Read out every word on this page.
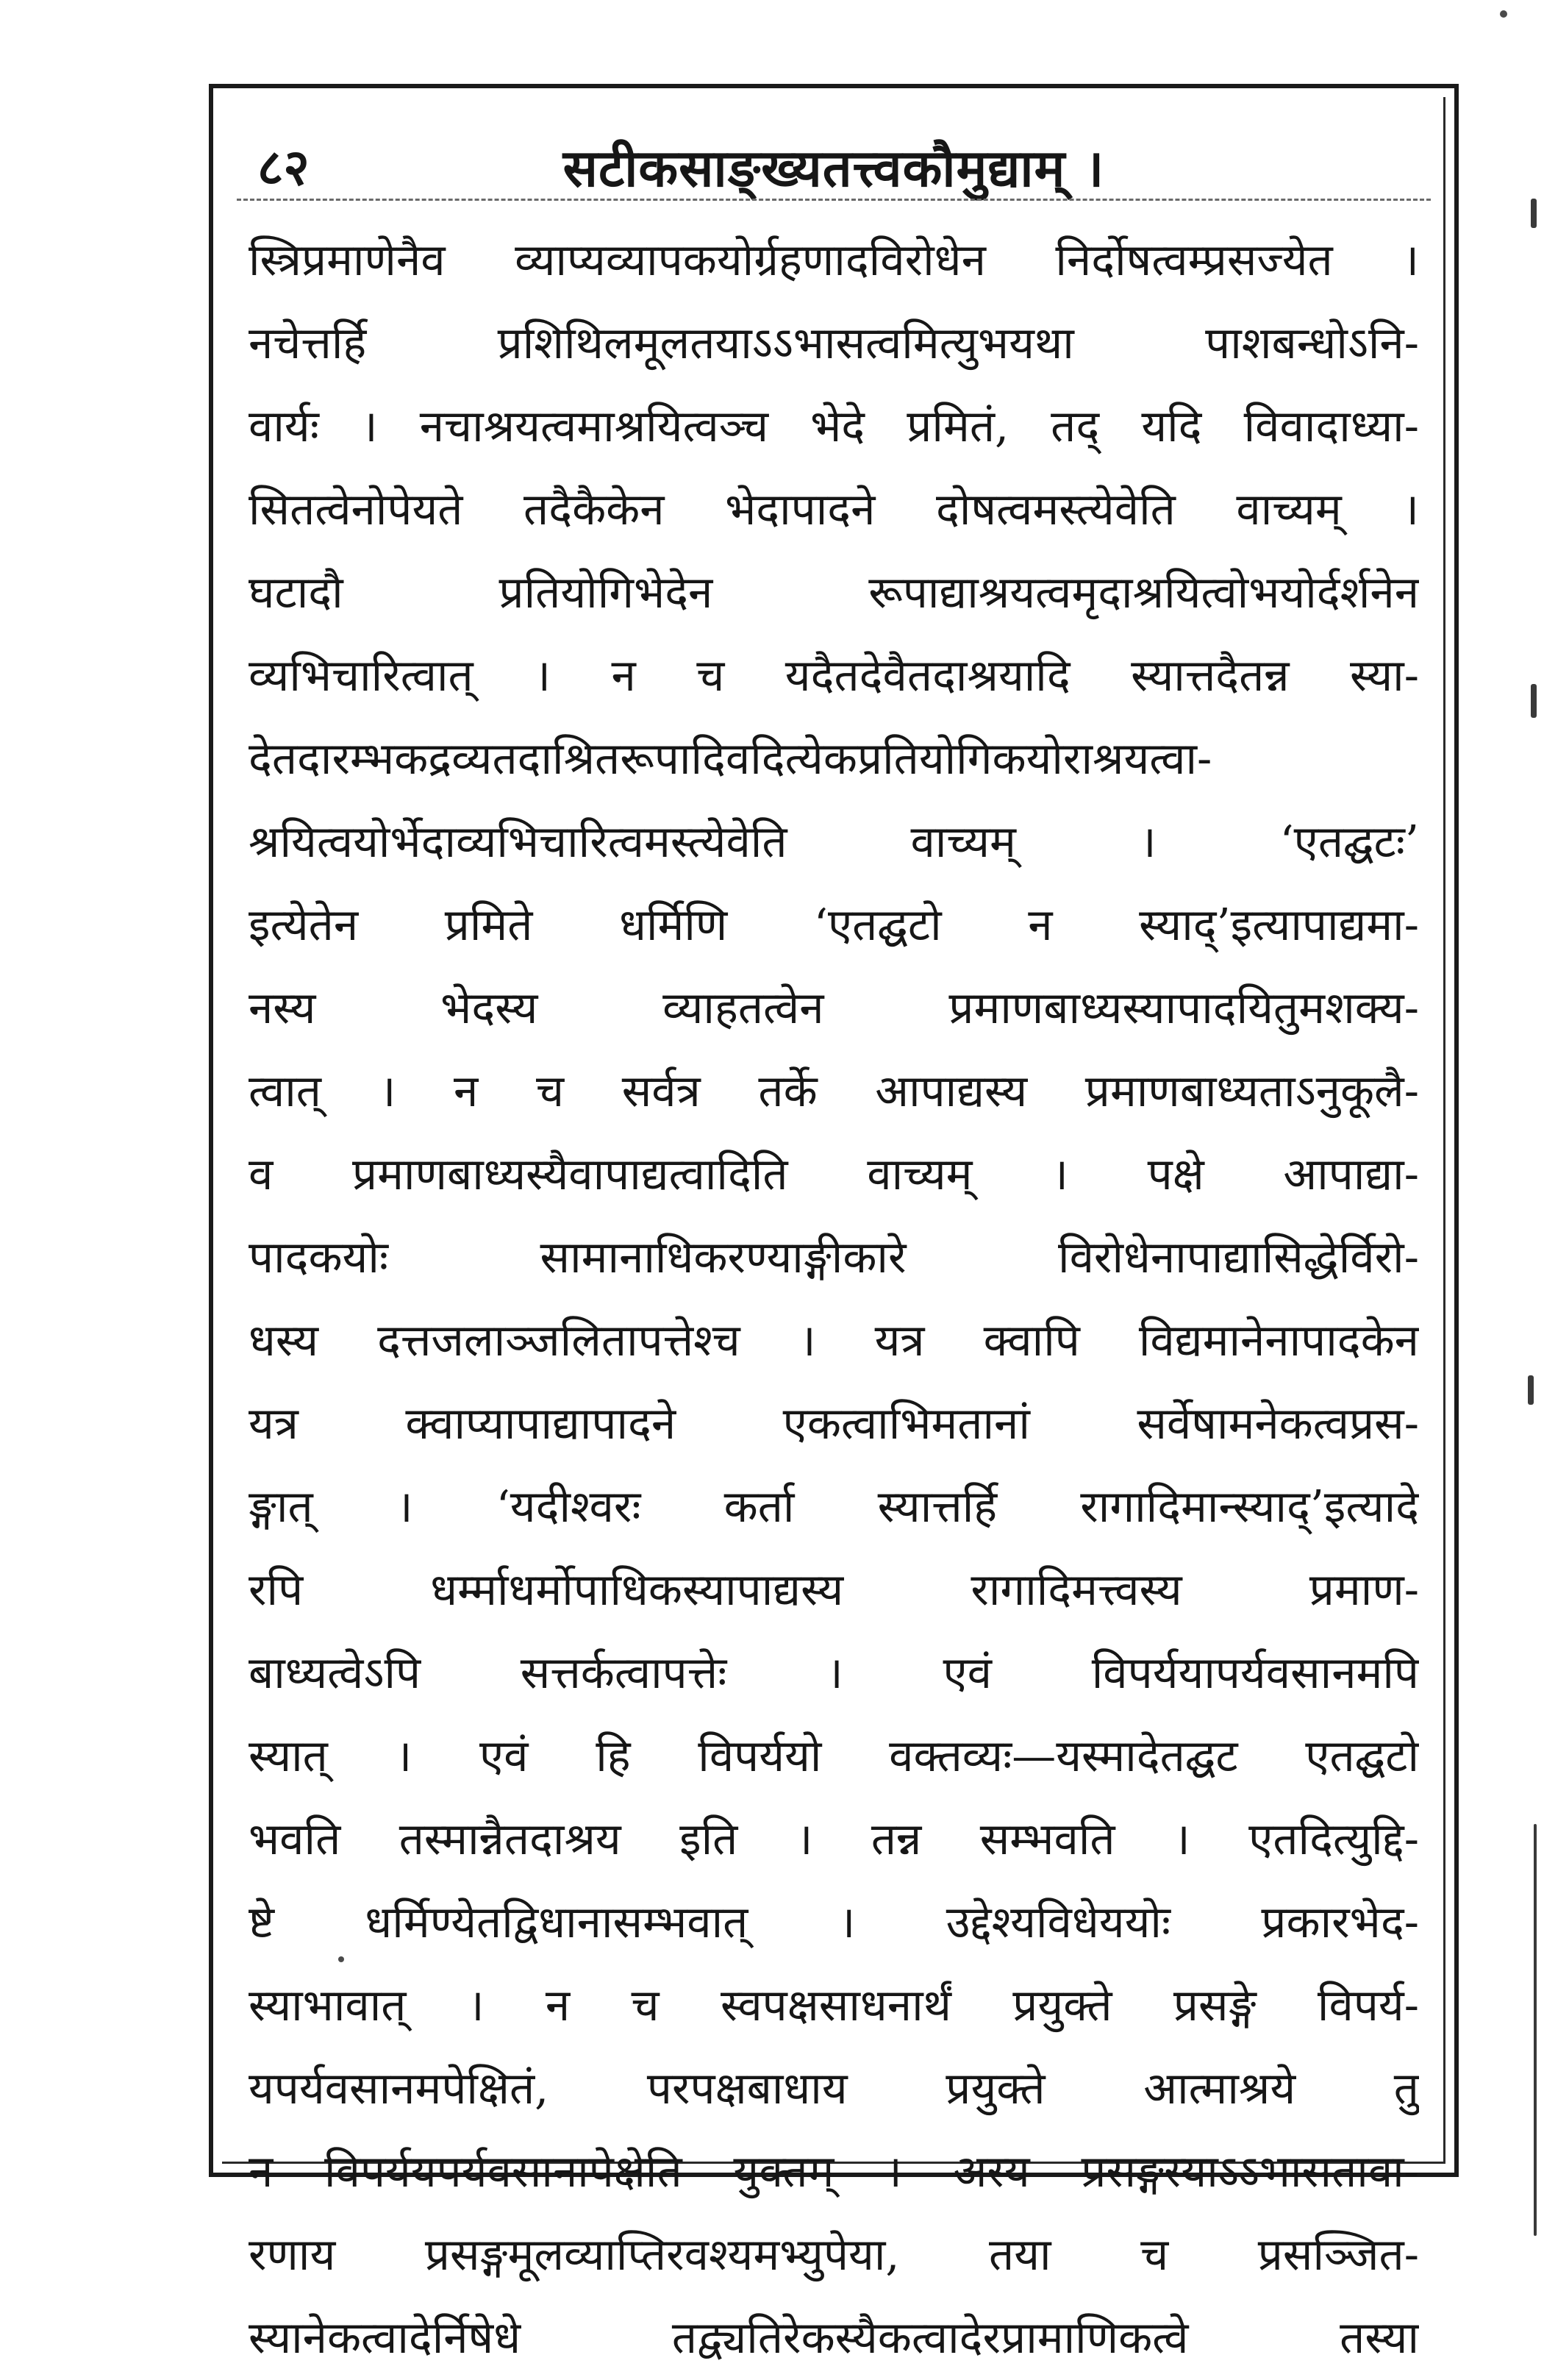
८२	सटीकसाङ्ख्यतत्त्वकौमुद्याम् ।
स्त्रिप्रमाणेनैव व्याप्यव्यापकयोर्ग्रहणादविरोधेन निर्दोषत्वम्प्रसज्येत ।
नचेत्तर्हि प्रशिथिलमूलतयाऽऽभासत्वमित्युभयथा पाशबन्धोऽनि-
वार्यः । नचाश्रयत्वमाश्रयित्वञ्च भेदे प्रमितं, तद् यदि विवादाध्या-
सितत्वेनोपेयते तदैकैकेन भेदापादने दोषत्वमस्त्येवेति वाच्यम् ।
घटादौ प्रतियोगिभेदेन रूपाद्याश्रयत्वमृदाश्रयित्वोभयोर्दर्शनेन
व्यभिचारित्वात् । न च यदैतदेवैतदाश्रयादि स्यात्तदैतन्न स्या-
देतदारम्भकद्रव्यतदाश्रितरूपादिवदित्येकप्रतियोगिकयोराश्रयत्वा-
श्रयित्वयोर्भेदाव्यभिचारित्वमस्त्येवेति वाच्यम् । ‘एतद्घटः’
इत्येतेन प्रमिते धर्मिणि ‘एतद्घटो न स्याद्’इत्यापाद्यमा-
नस्य भेदस्य व्याहतत्वेन प्रमाणबाध्यस्यापादयितुमशक्य-
त्वात् । न च सर्वत्र तर्के आपाद्यस्य प्रमाणबाध्यताऽनुकूलै-
व प्रमाणबाध्यस्यैवापाद्यत्वादिति वाच्यम् । पक्षे आपाद्या-
पादकयोः सामानाधिकरण्याङ्गीकारे विरोधेनापाद्यासिद्धेर्विरो-
धस्य दत्तजलाञ्जलितापत्तेश्च । यत्र क्वापि विद्यमानेनापादकेन
यत्र क्वाप्यापाद्यापादने एकत्वाभिमतानां सर्वेषामनेकत्वप्रस-
ङ्गात् । ‘यदीश्वरः कर्ता स्यात्तर्हि रागादिमान्स्याद्’इत्यादे
रपि धर्म्माधर्मोपाधिकस्यापाद्यस्य रागादिमत्त्वस्य प्रमाण-
बाध्यत्वेऽपि सत्तर्कत्वापत्तेः । एवं विपर्ययापर्यवसानमपि
स्यात् । एवं हि विपर्ययो वक्तव्यः—यस्मादेतद्घट एतद्घटो
भवति तस्मान्नैतदाश्रय इति । तन्न सम्भवति । एतदित्युद्दि-
ष्टे धर्मिण्येतद्विधानासम्भवात् । उद्देश्यविधेययोः प्रकारभेद-
स्याभावात् । न च स्वपक्षसाधनार्थं प्रयुक्ते प्रसङ्गे विपर्य-
यपर्यवसानमपेक्षितं, परपक्षबाधाय प्रयुक्ते आत्माश्रये तु
न विपर्ययपर्यवसानापेक्षेति युक्तम् । अस्य प्रसङ्गस्याऽऽभासतावा-
रणाय प्रसङ्गमूलव्याप्तिरवश्यमभ्युपेया, तया च प्रसञ्जित-
स्यानेकत्वादेर्निषेधे तद्व्यतिरेकस्यैकत्वादेरप्रामाणिकत्वे तस्या
